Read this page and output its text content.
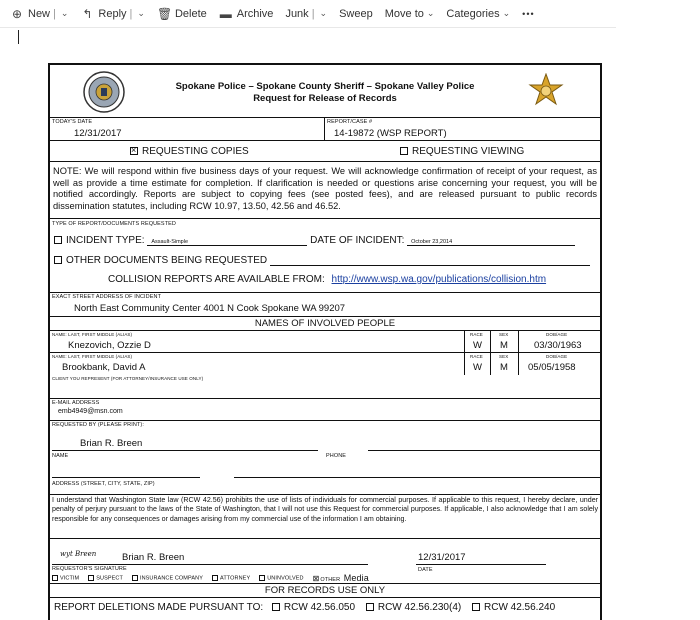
⊕ New | ⌄ ↰ Reply | ⌄ 🗑 Delete ▬ Archive Junk | ⌄ Sweep Move to ⌄ Categories ⌄ •••
Spokane Police – Spokane County Sheriff – Spokane Valley Police
Request for Release of Records
TODAY'S DATE
12/31/2017
REPORT/CASE #
14-19872 (WSP REPORT)
×REQUESTING COPIES	REQUESTING VIEWING
NOTE: We will respond within five business days of your request. We will acknowledge confirmation of receipt of your request, as well as provide a time estimate for completion. If clarification is needed or questions arise concerning your request, you will be notified accordingly. Reports are subject to copying fees (see posted fees), and are released pursuant to public records dissemination statutes, including RCW 10.97, 13.50, 42.56 and 46.52.
TYPE OF REPORT/DOCUMENTS REQUESTED
INCIDENT TYPE: Assault-Simple	DATE OF INCIDENT: October 23,2014
OTHER DOCUMENTS BEING REQUESTED
COLLISION REPORTS ARE AVAILABLE FROM: http://www.wsp.wa.gov/publications/collision.htm
EXACT STREET ADDRESS OF INCIDENT
North East Community Center 4001 N Cook Spokane WA 99207
NAMES OF INVOLVED PEOPLE
NAME: LAST, FIRST MIDDLE (ALIAS)	RACE	SEX	DOB/AGE
Knezovich, Ozzie D	W M	03/30/1963
NAME: LAST, FIRST MIDDLE (ALIAS)	RACE	SEX	DOB/AGE
Brookbank, David A	W M 05/05/1958
CLIENT YOU REPRESENT (FOR ATTORNEY/INSURANCE USE ONLY)
E-MAIL ADDRESS
emb4949@msn.com
REQUESTED BY (PLEASE PRINT):
Brian R. Breen
NAME	PHONE
ADDRESS (STREET, CITY, STATE, ZIP)
I understand that Washington State law (RCW 42.56) prohibits the use of lists of individuals for commercial purposes. If applicable to this request, I hereby declare, under penalty of perjury pursuant to the laws of the State of Washington, that I will not use this Request for commercial purposes. If applicable, I also acknowledge that I am solely responsible for any consequences or damages arising from my commercial use of the information I am obtaining.
wyt Breen	Brian R. Breen	12/31/2017
REQUESTOR'S SIGNATURE	DATE
VICTIM	SUSPECT	INSURANCE COMPANY	ATTORNEY	UNINVOLVED ⊠OTHER Media
FOR RECORDS USE ONLY
REPORT DELETIONS MADE PURSUANT TO: RCW 42.56.050 RCW 42.56.230(4) RCW 42.56.240
